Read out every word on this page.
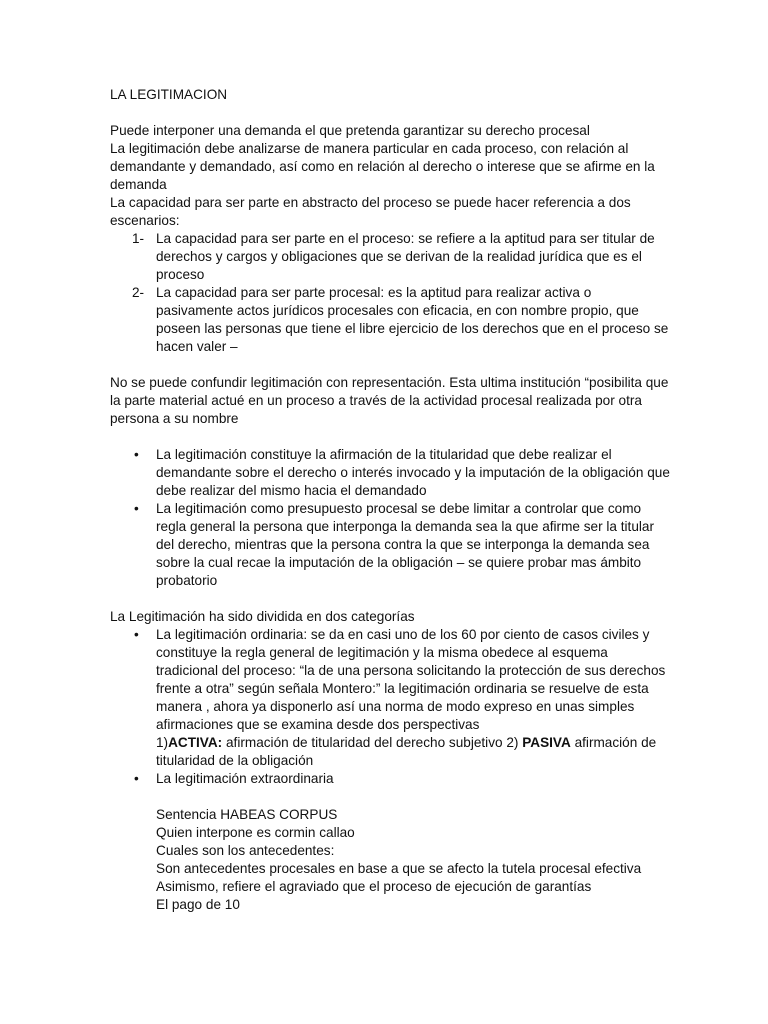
LA LEGITIMACION

Puede interponer una demanda el que pretenda garantizar su derecho procesal

La legitimación debe analizarse de manera particular en cada proceso, con relación al demandante y demandado, así como en relación al derecho o interese que se afirme en la demanda

La capacidad para ser parte en abstracto del proceso se puede hacer referencia a dos escenarios:

1- La capacidad para ser parte en el proceso: se refiere a la aptitud para ser titular de derechos y cargos y obligaciones que se derivan de la realidad jurídica que es el proceso
2- La capacidad para ser parte procesal: es la aptitud para realizar activa o pasivamente actos jurídicos procesales con eficacia, en con nombre propio, que poseen las personas que tiene el libre ejercicio de los derechos que en el proceso se hacen valer –

No se puede confundir legitimación con representación. Esta ultima institución “posibilita que la parte material actué en un proceso a través de la actividad procesal realizada por otra persona a su nombre

• La legitimación constituye la afirmación de la titularidad que debe realizar el demandante sobre el derecho o interés invocado y la imputación de la obligación que debe realizar del mismo hacia el demandado
• La legitimación como presupuesto procesal se debe limitar a controlar que como regla general la persona que interponga la demanda sea la que afirme ser la titular del derecho, mientras que la persona contra la que se interponga la demanda sea sobre la cual recae la imputación de la obligación – se quiere probar mas ámbito probatorio

La Legitimación ha sido dividida en dos categorías

• La legitimación ordinaria: se da en casi uno de los 60 por ciento de casos civiles y constituye la regla general de legitimación y la misma obedece al esquema tradicional del proceso: “la de una persona solicitando la protección de sus derechos frente a otra” según señala Montero:” la legitimación ordinaria se resuelve de esta manera , ahora ya disponerlo así una norma de modo expreso en unas simples afirmaciones que se examina desde dos perspectivas
1)ACTIVA: afirmación de titularidad del derecho subjetivo 2) PASIVA afirmación de titularidad de la obligación
• La legitimación extraordinaria

Sentencia HABEAS CORPUS

Quien interpone es cormin callao

Cuales son los antecedentes:

Son antecedentes procesales en base a que se afecto la tutela procesal efectiva

Asimismo, refiere el agraviado que el proceso de ejecución de garantías

El pago de 10
